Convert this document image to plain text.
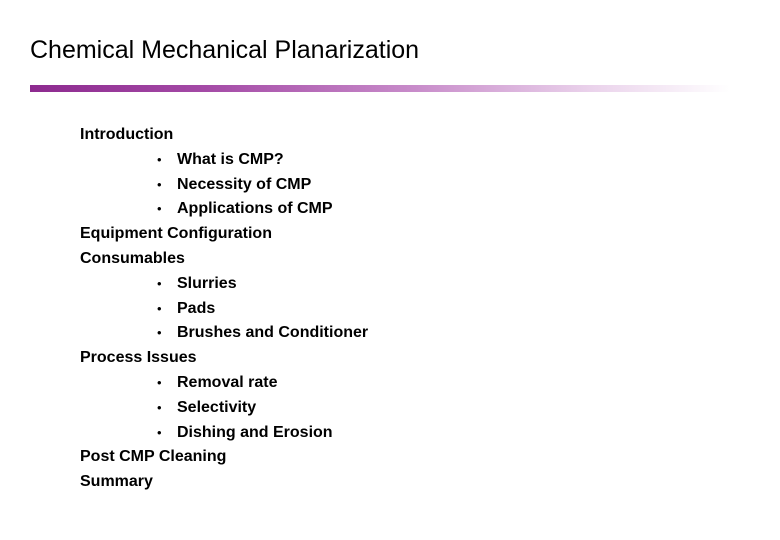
Chemical Mechanical Planarization
Introduction
• What is CMP?
• Necessity of CMP
• Applications of CMP
Equipment Configuration
Consumables
• Slurries
• Pads
• Brushes and Conditioner
Process Issues
• Removal rate
• Selectivity
• Dishing and Erosion
Post CMP Cleaning
Summary
